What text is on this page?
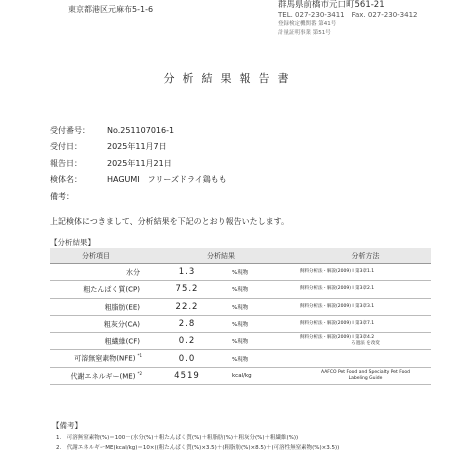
東京都港区元麻布5-1-6	群馬県前橋市元口町561-21
TEL. 027-230-3411　Fax. 027-230-3412
登録検定機関番 第41号
計量証明事業 第51号
分析結果報告書
受付番号：	No.251107016-1
受付日：	2025年11月7日
報告日：	2025年11月21日
検体名：	HAGUMI　フリーズドライ鶏もも
備考：
上記検体につきまして、分析結果を下記のとおり報告いたします。
【分析結果】
分析項目	分析結果		分析方法
水分	1.3	%現物	飼料分析法・解説(2009) Ⅰ 第3章1.1

粗たんぱく質(CP)	75.2	%現物	飼料分析法・解説(2009) Ⅰ 第3章2.1

粗脂肪(EE)	22.2	%現物	飼料分析法・解説(2009) Ⅰ 第3章3.1

粗灰分(CA)	2.8	%現物	飼料分析法・解説(2009) Ⅰ 第3章7.1

粗繊維(CF)	0.2	%現物	飼料分析法・解説(2009) Ⅰ 第3章4.2
ろ過法 を改変

可溶無窒素物(NFE) $^{*1}$	0.0	%現物	

代謝エネルギー(ME) $^{*2}$	4519	kcal/kg	AAFCO Pet Food and Specialty Pet Food
Labeling Guide
【備考】
1.　可溶無窒素物(%)＝100－(水分(%)＋粗たんぱく質(%)＋粗脂肪(%)＋粗灰分(%)＋粗繊維(%))
2.　代謝エネルギーME(kcal/kg)＝10×((粗たんぱく質(%)×3.5)＋(粗脂肪(%)×8.5)＋(可溶性無窒素物(%)×3.5))
